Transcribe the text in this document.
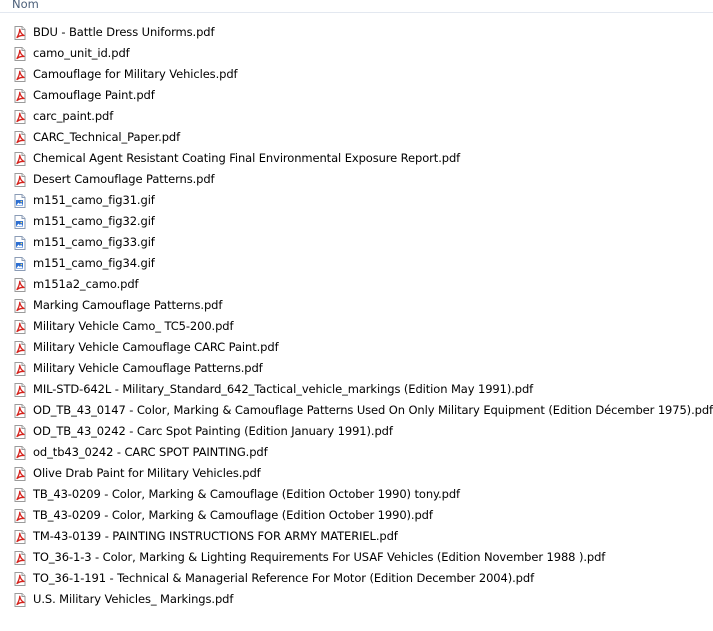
Nom
BDU - Battle Dress Uniforms.pdf
camo_unit_id.pdf
Camouflage for Military Vehicles.pdf
Camouflage Paint.pdf
carc_paint.pdf
CARC_Technical_Paper.pdf
Chemical Agent Resistant Coating Final Environmental Exposure Report.pdf
Desert Camouflage Patterns.pdf
m151_camo_fig31.gif
m151_camo_fig32.gif
m151_camo_fig33.gif
m151_camo_fig34.gif
m151a2_camo.pdf
Marking Camouflage Patterns.pdf
Military Vehicle Camo_ TC5-200.pdf
Military Vehicle Camouflage CARC Paint.pdf
Military Vehicle Camouflage Patterns.pdf
MIL-STD-642L - Military_Standard_642_Tactical_vehicle_markings (Edition May 1991).pdf
OD_TB_43_0147 - Color, Marking & Camouflage Patterns Used On Only Military Equipment (Edition Décember 1975).pdf
OD_TB_43_0242 - Carc Spot Painting (Edition January 1991).pdf
od_tb43_0242 - CARC SPOT PAINTING.pdf
Olive Drab Paint for Military Vehicles.pdf
TB_43-0209 - Color, Marking & Camouflage (Edition October 1990) tony.pdf
TB_43-0209 - Color, Marking & Camouflage (Edition October 1990).pdf
TM-43-0139 - PAINTING INSTRUCTIONS FOR ARMY MATERIEL.pdf
TO_36-1-3 - Color, Marking & Lighting Requirements For USAF Vehicles (Edition November 1988 ).pdf
TO_36-1-191 - Technical & Managerial Reference For Motor (Edition December 2004).pdf
U.S. Military Vehicles_ Markings.pdf
